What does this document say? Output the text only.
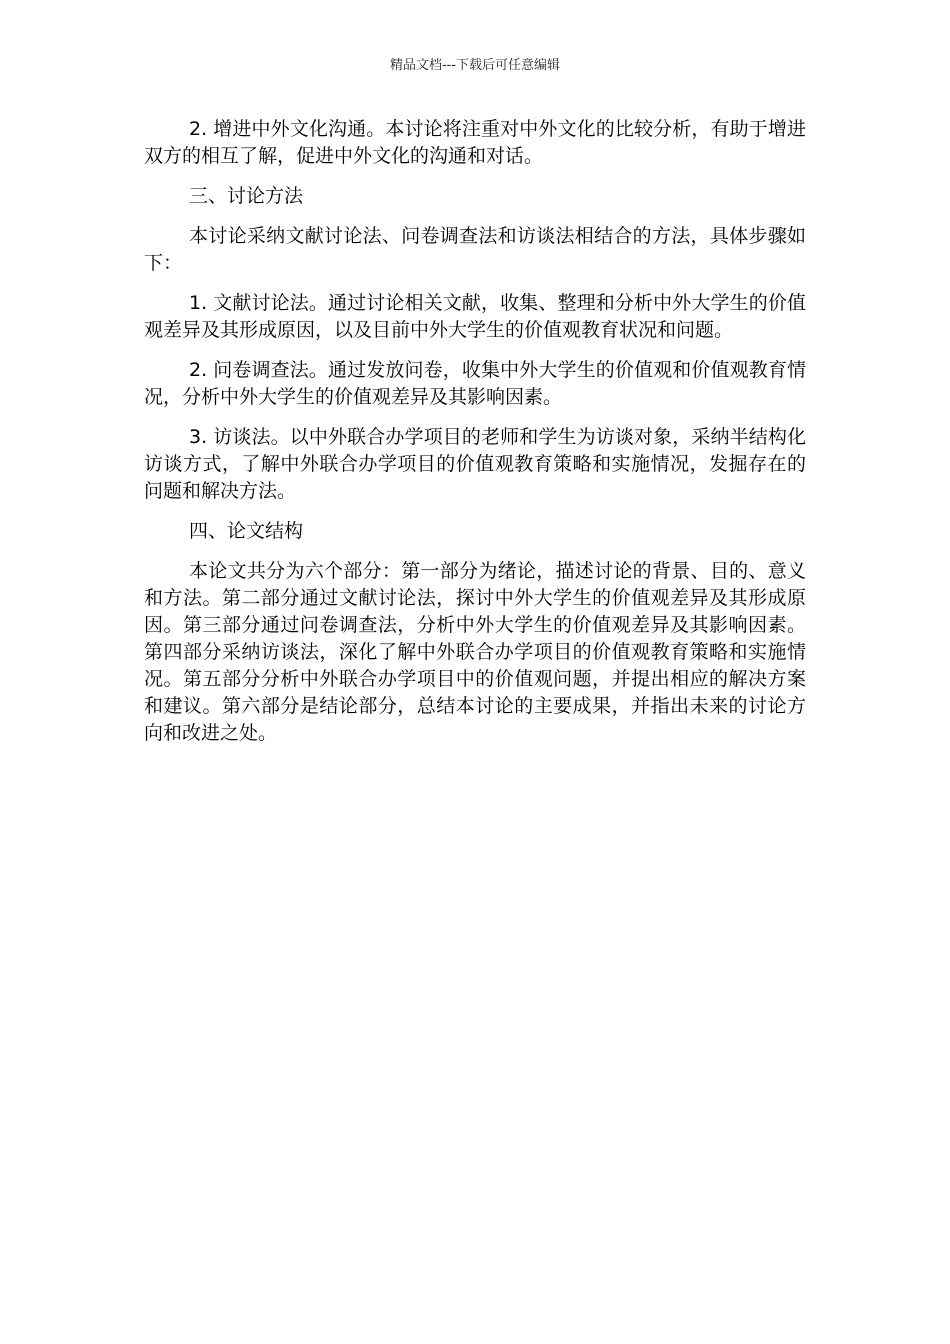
精品文档---下载后可任意编辑

2. 增进中外文化沟通。本讨论将注重对中外文化的比较分析，有助于增进双方的相互了解，促进中外文化的沟通和对话。

三、讨论方法

本讨论采纳文献讨论法、问卷调查法和访谈法相结合的方法，具体步骤如下：

1. 文献讨论法。通过讨论相关文献，收集、整理和分析中外大学生的价值观差异及其形成原因，以及目前中外大学生的价值观教育状况和问题。

2. 问卷调查法。通过发放问卷，收集中外大学生的价值观和价值观教育情况，分析中外大学生的价值观差异及其影响因素。

3. 访谈法。以中外联合办学项目的老师和学生为访谈对象，采纳半结构化访谈方式，了解中外联合办学项目的价值观教育策略和实施情况，发掘存在的问题和解决方法。

四、论文结构

本论文共分为六个部分：第一部分为绪论，描述讨论的背景、目的、意义和方法。第二部分通过文献讨论法，探讨中外大学生的价值观差异及其形成原因。第三部分通过问卷调查法，分析中外大学生的价值观差异及其影响因素。第四部分采纳访谈法，深化了解中外联合办学项目的价值观教育策略和实施情况。第五部分分析中外联合办学项目中的价值观问题，并提出相应的解决方案和建议。第六部分是结论部分，总结本讨论的主要成果，并指出未来的讨论方向和改进之处。
